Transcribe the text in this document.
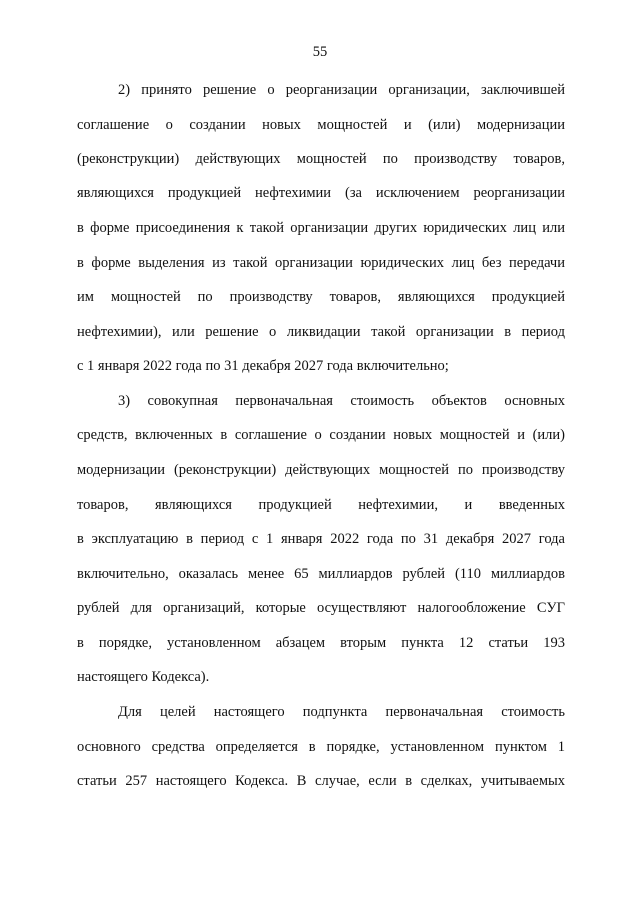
55
2) принято решение о реорганизации организации, заключившей
соглашение о создании новых мощностей и (или) модернизации
(реконструкции) действующих мощностей по производству товаров,
являющихся продукцией нефтехимии (за исключением реорганизации
в форме присоединения к такой организации других юридических лиц или
в форме выделения из такой организации юридических лиц без передачи
им мощностей по производству товаров, являющихся продукцией
нефтехимии), или решение о ликвидации такой организации в период
с 1 января 2022 года по 31 декабря 2027 года включительно;
3) совокупная первоначальная стоимость объектов основных
средств, включенных в соглашение о создании новых мощностей и (или)
модернизации (реконструкции) действующих мощностей по производству
товаров, являющихся продукцией нефтехимии, и введенных
в эксплуатацию в период с 1 января 2022 года по 31 декабря 2027 года
включительно, оказалась менее 65 миллиардов рублей (110 миллиардов
рублей для организаций, которые осуществляют налогообложение СУГ
в порядке, установленном абзацем вторым пункта 12 статьи 193
настоящего Кодекса).
Для целей настоящего подпункта первоначальная стоимость
основного средства определяется в порядке, установленном пунктом 1
статьи 257 настоящего Кодекса. В случае, если в сделках, учитываемых
